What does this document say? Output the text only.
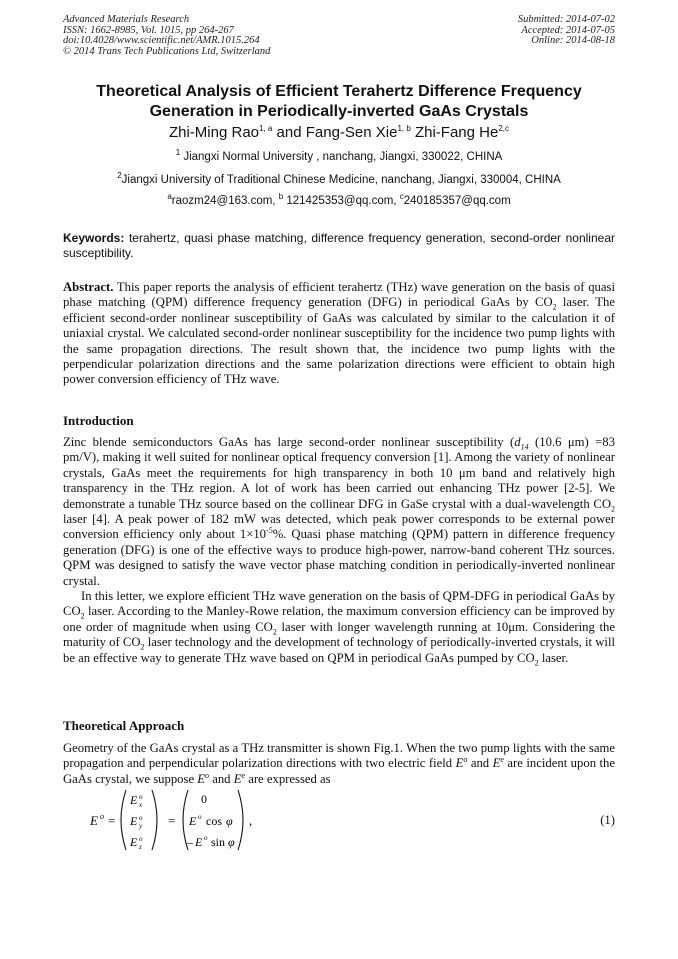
Advanced Materials Research
ISSN: 1662-8985, Vol. 1015, pp 264-267
doi:10.4028/www.scientific.net/AMR.1015.264
© 2014 Trans Tech Publications Ltd, Switzerland
Submitted: 2014-07-02
Accepted: 2014-07-05
Online: 2014-08-18
Theoretical Analysis of Efficient Terahertz Difference Frequency
Generation in Periodically-inverted GaAs Crystals
Zhi-Ming Rao$^{1, a}$ and Fang-Sen Xie$^{1, b}$ Zhi-Fang He$^{2,c}$
$^1$ Jiangxi Normal University , nanchang, Jiangxi, 330022, CHINA
$^2$Jiangxi University of Traditional Chinese Medicine, nanchang, Jiangxi, 330004, CHINA
$^a$raozm24@163.com, $^b$ 121425353@qq.com, $^c$240185357@qq.com
Keywords: terahertz, quasi phase matching, difference frequency generation, second-order nonlinear susceptibility.
Abstract. This paper reports the analysis of efficient terahertz (THz) wave generation on the basis of quasi phase matching (QPM) difference frequency generation (DFG) in periodical GaAs by $CO_2$ laser. The efficient second-order nonlinear susceptibility of GaAs was calculated by similar to the calculation it of uniaxial crystal. We calculated second-order nonlinear susceptibility for the incidence two pump lights with the same propagation directions. The result shown that, the incidence two pump lights with the perpendicular polarization directions and the same polarization directions were efficient to obtain high power conversion efficiency of THz wave.
Introduction

Zinc blende semiconductors GaAs has large second-order nonlinear susceptibility ($d_{14}$ (10.6 μm) =83 pm/V), making it well suited for nonlinear optical frequency conversion [1]. Among the variety of nonlinear crystals, GaAs meet the requirements for high transparency in both 10 μm band and relatively high transparency in the THz region. A lot of work has been carried out enhancing THz power [2-5]. We demonstrate a tunable THz source based on the collinear DFG in GaSe crystal with a dual-wavelength $CO_2$ laser [4]. A peak power of 182 mW was detected, which peak power corresponds to be external power conversion efficiency only about $1\times 10^{-5}\%$. Quasi phase matching (QPM) pattern in difference frequency generation (DFG) is one of the effective ways to produce high-power, narrow-band coherent THz sources. QPM was designed to satisfy the wave vector phase matching condition in periodically-inverted nonlinear crystal.

In this letter, we explore efficient THz wave generation on the basis of QPM-DFG in periodical GaAs by $CO_2$ laser. According to the Manley-Rowe relation, the maximum conversion efficiency can be improved by one order of magnitude when using $CO_2$ laser with longer wavelength running at 10μm. Considering the maturity of $CO_2$ laser technology and the development of technology of periodically-inverted crystals, it will be an effective way to generate THz wave based on QPM in periodical GaAs pumped by $CO_2$ laser.

Theoretical Approach

Geometry of the GaAs crystal as a THz transmitter is shown Fig.1. When the two pump lights with the same propagation and perpendicular polarization directions with two electric field $E^o$ and $E^e$ are incident upon the GaAs crystal, we suppose $E^o$ and $E^e$ are expressed as

E o =
E o
x
E o
y
E o
z
=
0
E o cos φ
– E o sin φ
,	(1)
